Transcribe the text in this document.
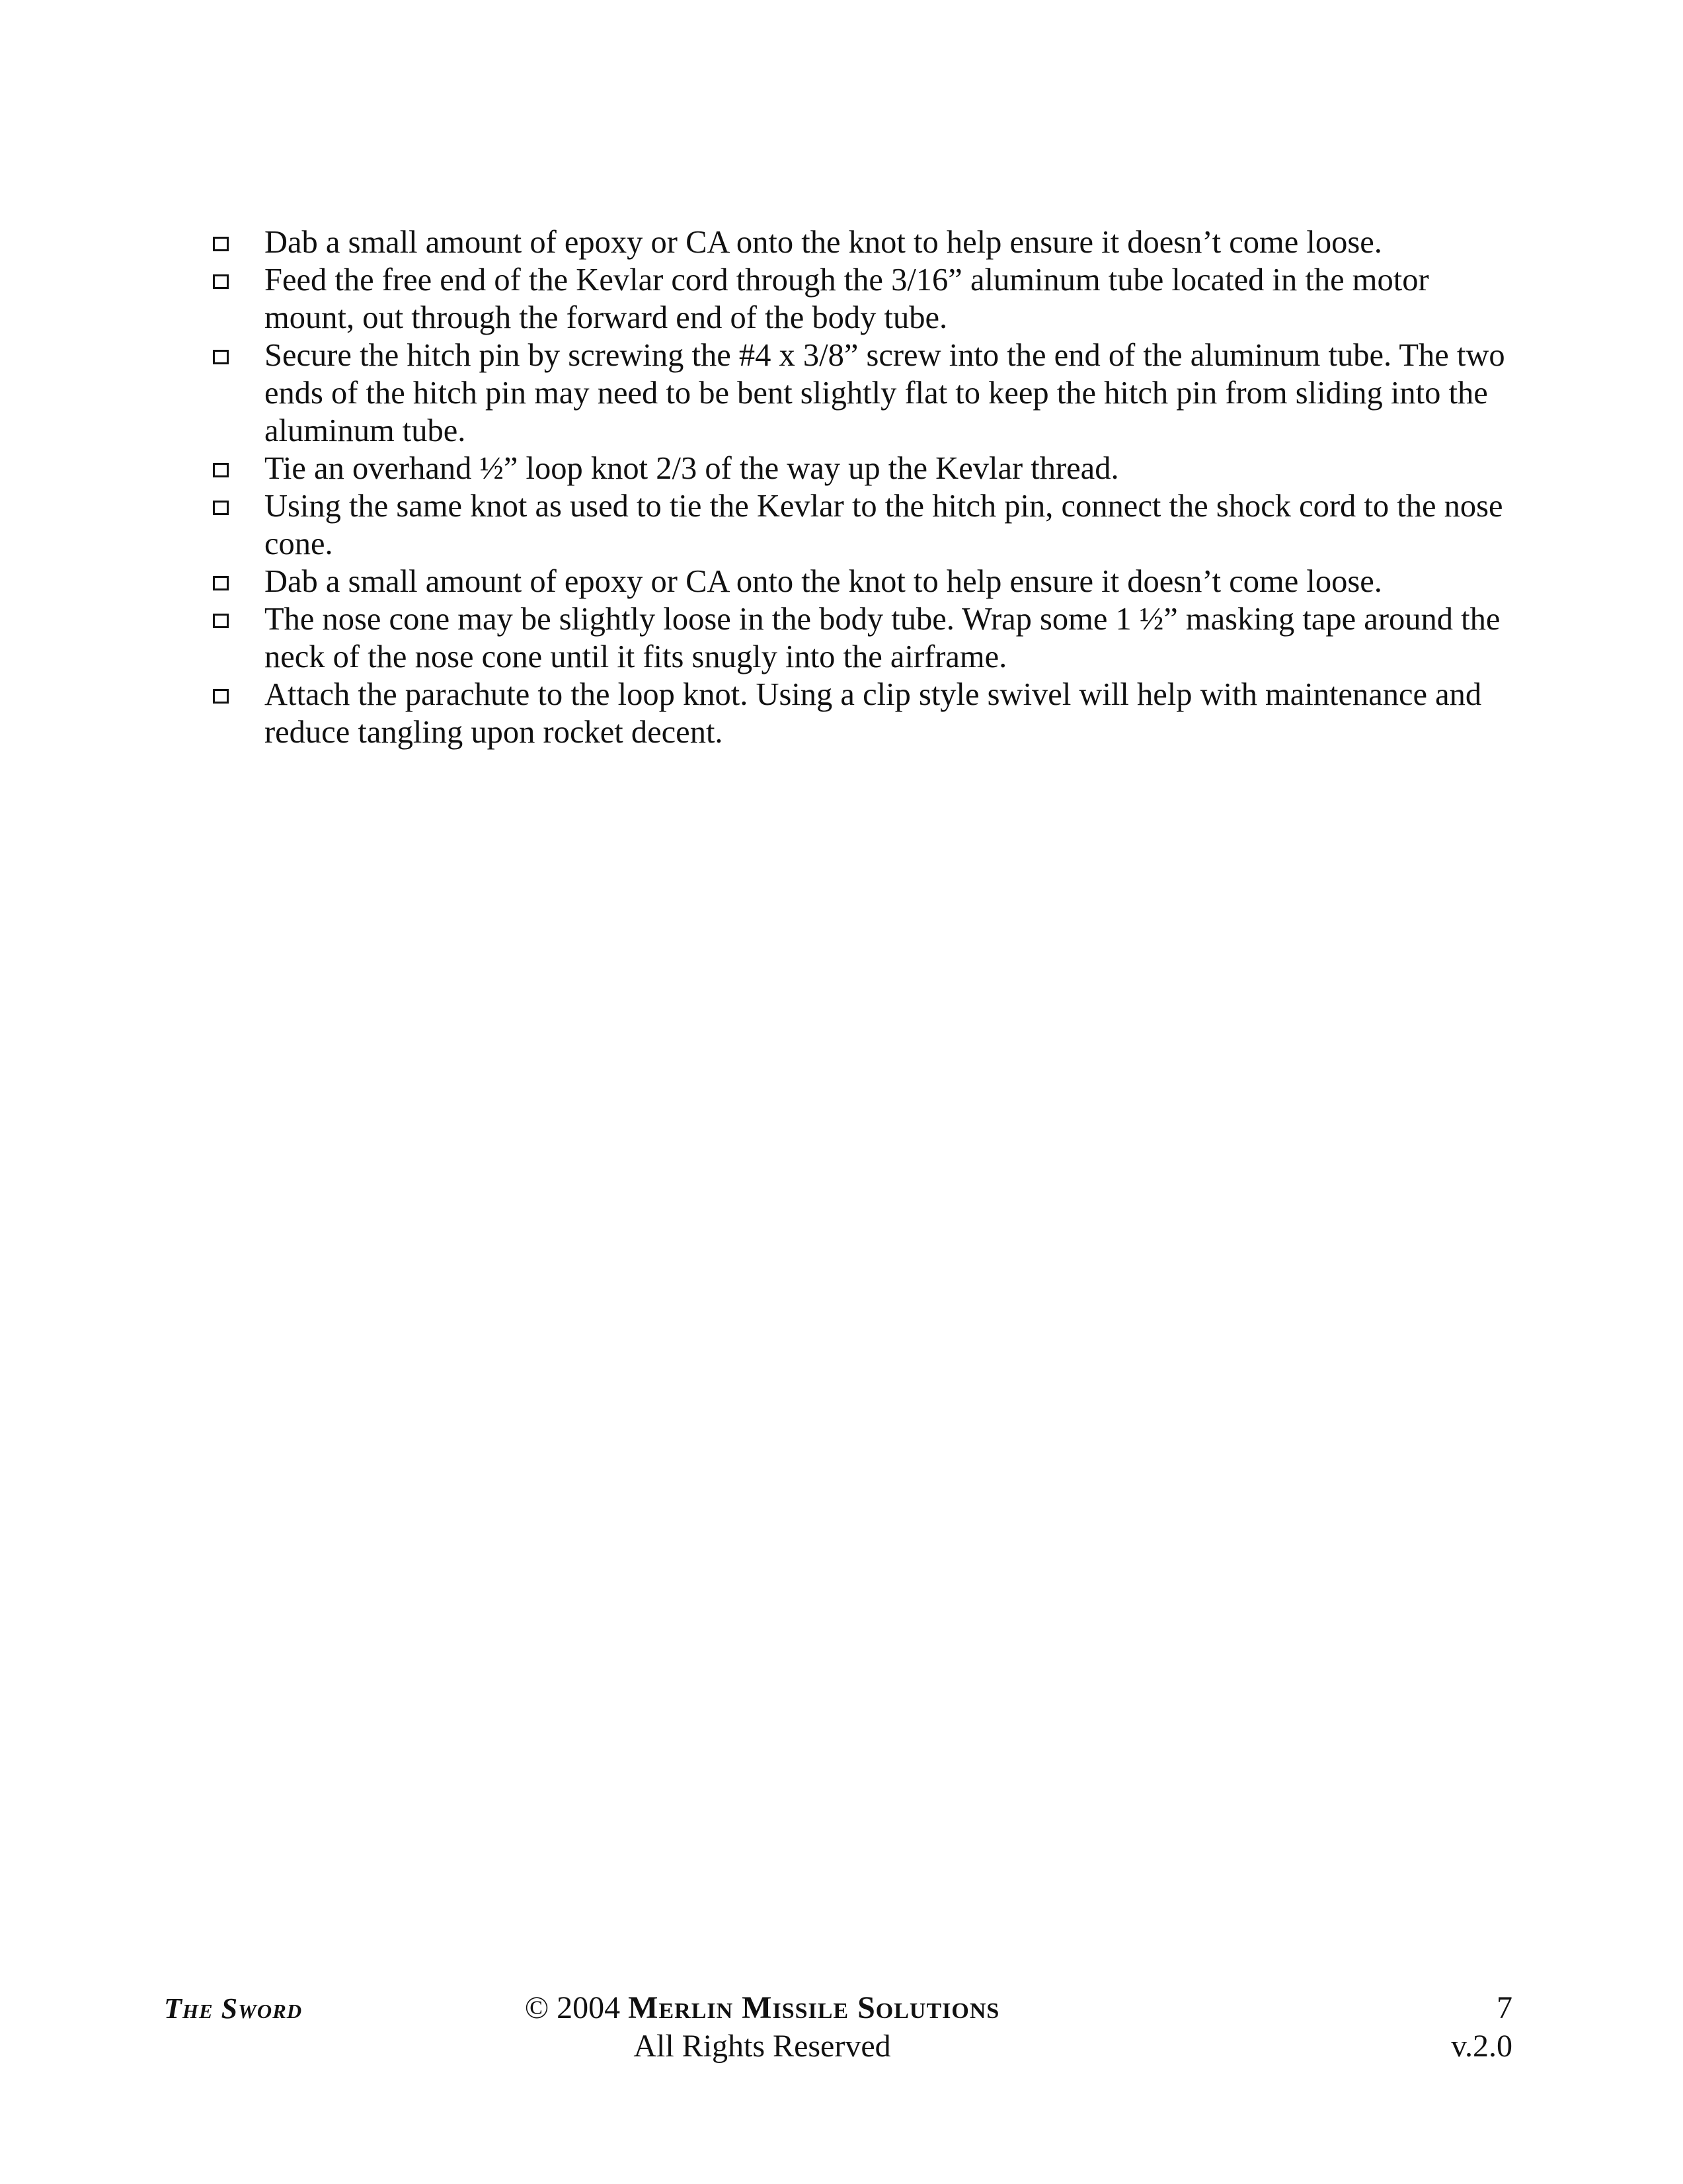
Dab a small amount of epoxy or CA onto the knot to help ensure it doesn’t come loose.
Feed the free end of the Kevlar cord through the 3/16” aluminum tube located in the motor mount, out through the forward end of the body tube.
Secure the hitch pin by screwing the #4 x 3/8” screw into the end of the aluminum tube. The two ends of the hitch pin may need to be bent slightly flat to keep the hitch pin from sliding into the aluminum tube.
Tie an overhand ½” loop knot 2/3 of the way up the Kevlar thread.
Using the same knot as used to tie the Kevlar to the hitch pin, connect the shock cord to the nose cone.
Dab a small amount of epoxy or CA onto the knot to help ensure it doesn’t come loose.
The nose cone may be slightly loose in the body tube. Wrap some 1 ½” masking tape around the neck of the nose cone until it fits snugly into the airframe.
Attach the parachute to the loop knot. Using a clip style swivel will help with maintenance and reduce tangling upon rocket decent.
The Sword	© 2004 Merlin Missile Solutions
All Rights Reserved
7
v.2.0
